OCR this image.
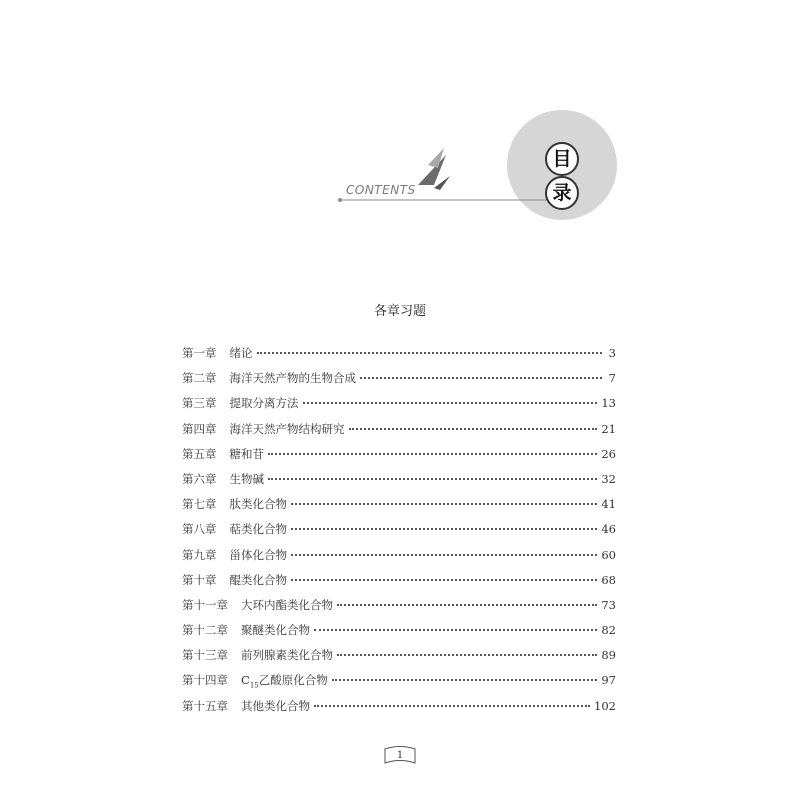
CONTENTS
目
录
各章习题
第一章 绪论	3
第二章 海洋天然产物的生物合成	7
第三章 提取分离方法	13
第四章 海洋天然产物结构研究	21
第五章 糖和苷	26
第六章 生物碱	32
第七章 肽类化合物	41
第八章 萜类化合物	46
第九章 甾体化合物	60
第十章 醌类化合物	68
第十一章 大环内酯类化合物	73
第十二章 聚醚类化合物	82
第十三章 前列腺素类化合物	89
第十四章 $C_{15}$乙酸原化合物	97
第十五章 其他类化合物	102
1
